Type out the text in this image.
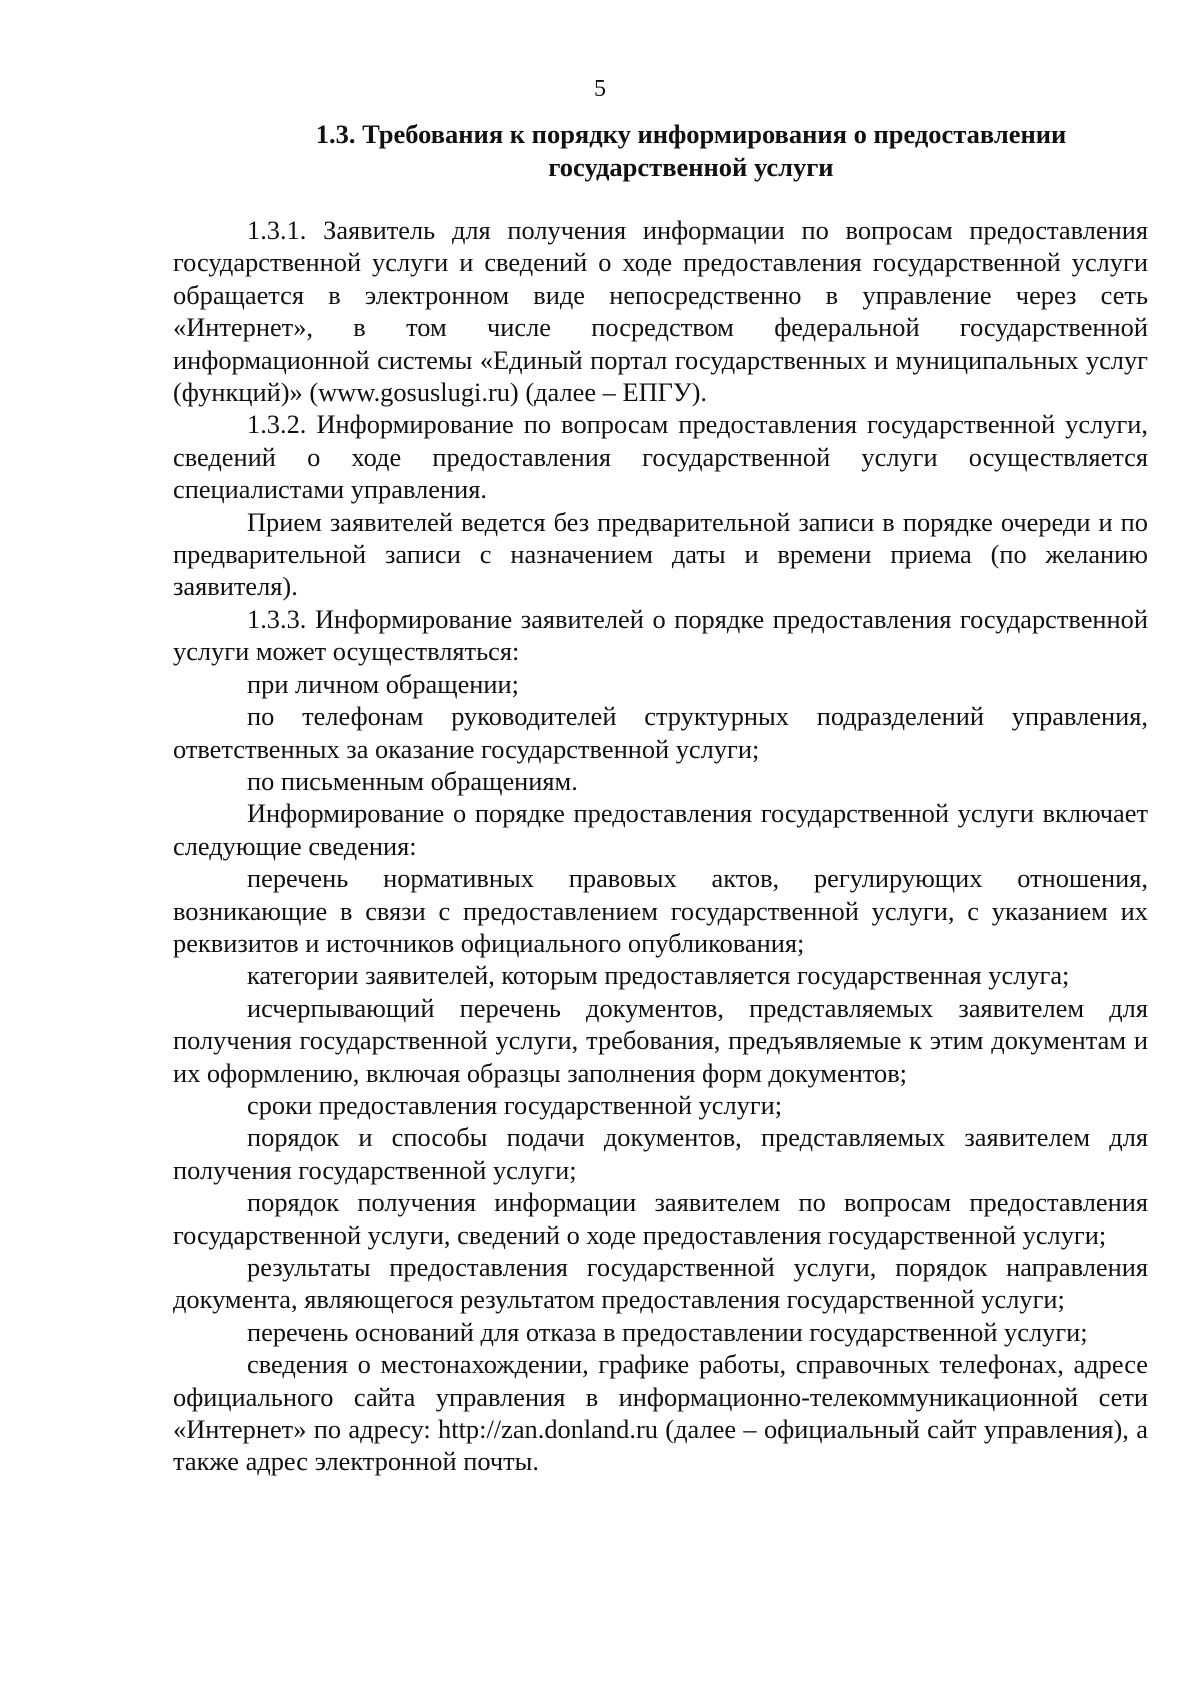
5
1.3. Требования к порядку информирования о предоставлении государственной услуги

1.3.1. Заявитель для получения информации по вопросам предоставления государственной услуги и сведений о ходе предоставления государственной услуги обращается в электронном виде непосредственно в управление через сеть «Интернет», в том числе посредством федеральной государственной информационной системы «Единый портал государственных и муниципальных услуг (функций)» (www.gosuslugi.ru) (далее – ЕПГУ).

1.3.2. Информирование по вопросам предоставления государственной услуги, сведений о ходе предоставления государственной услуги осуществляется специалистами управления.

Прием заявителей ведется без предварительной записи в порядке очереди и по предварительной записи с назначением даты и времени приема (по желанию заявителя).

1.3.3. Информирование заявителей о порядке предоставления государственной услуги может осуществляться:

при личном обращении;

по телефонам руководителей структурных подразделений управления, ответственных за оказание государственной услуги;

по письменным обращениям.

Информирование о порядке предоставления государственной услуги включает следующие сведения:

перечень нормативных правовых актов, регулирующих отношения, возникающие в связи с предоставлением государственной услуги, с указанием их реквизитов и источников официального опубликования;

категории заявителей, которым предоставляется государственная услуга;

исчерпывающий перечень документов, представляемых заявителем для получения государственной услуги, требования, предъявляемые к этим документам и их оформлению, включая образцы заполнения форм документов;

сроки предоставления государственной услуги;

порядок и способы подачи документов, представляемых заявителем для получения государственной услуги;

порядок получения информации заявителем по вопросам предоставления государственной услуги, сведений о ходе предоставления государственной услуги;

результаты предоставления государственной услуги, порядок направления документа, являющегося результатом предоставления государственной услуги;

перечень оснований для отказа в предоставлении государственной услуги;

сведения о местонахождении, графике работы, справочных телефонах, адресе официального сайта управления в информационно-телекоммуникационной сети «Интернет» по адресу: http://zan.donland.ru (далее – официальный сайт управления), а также адрес электронной почты.
